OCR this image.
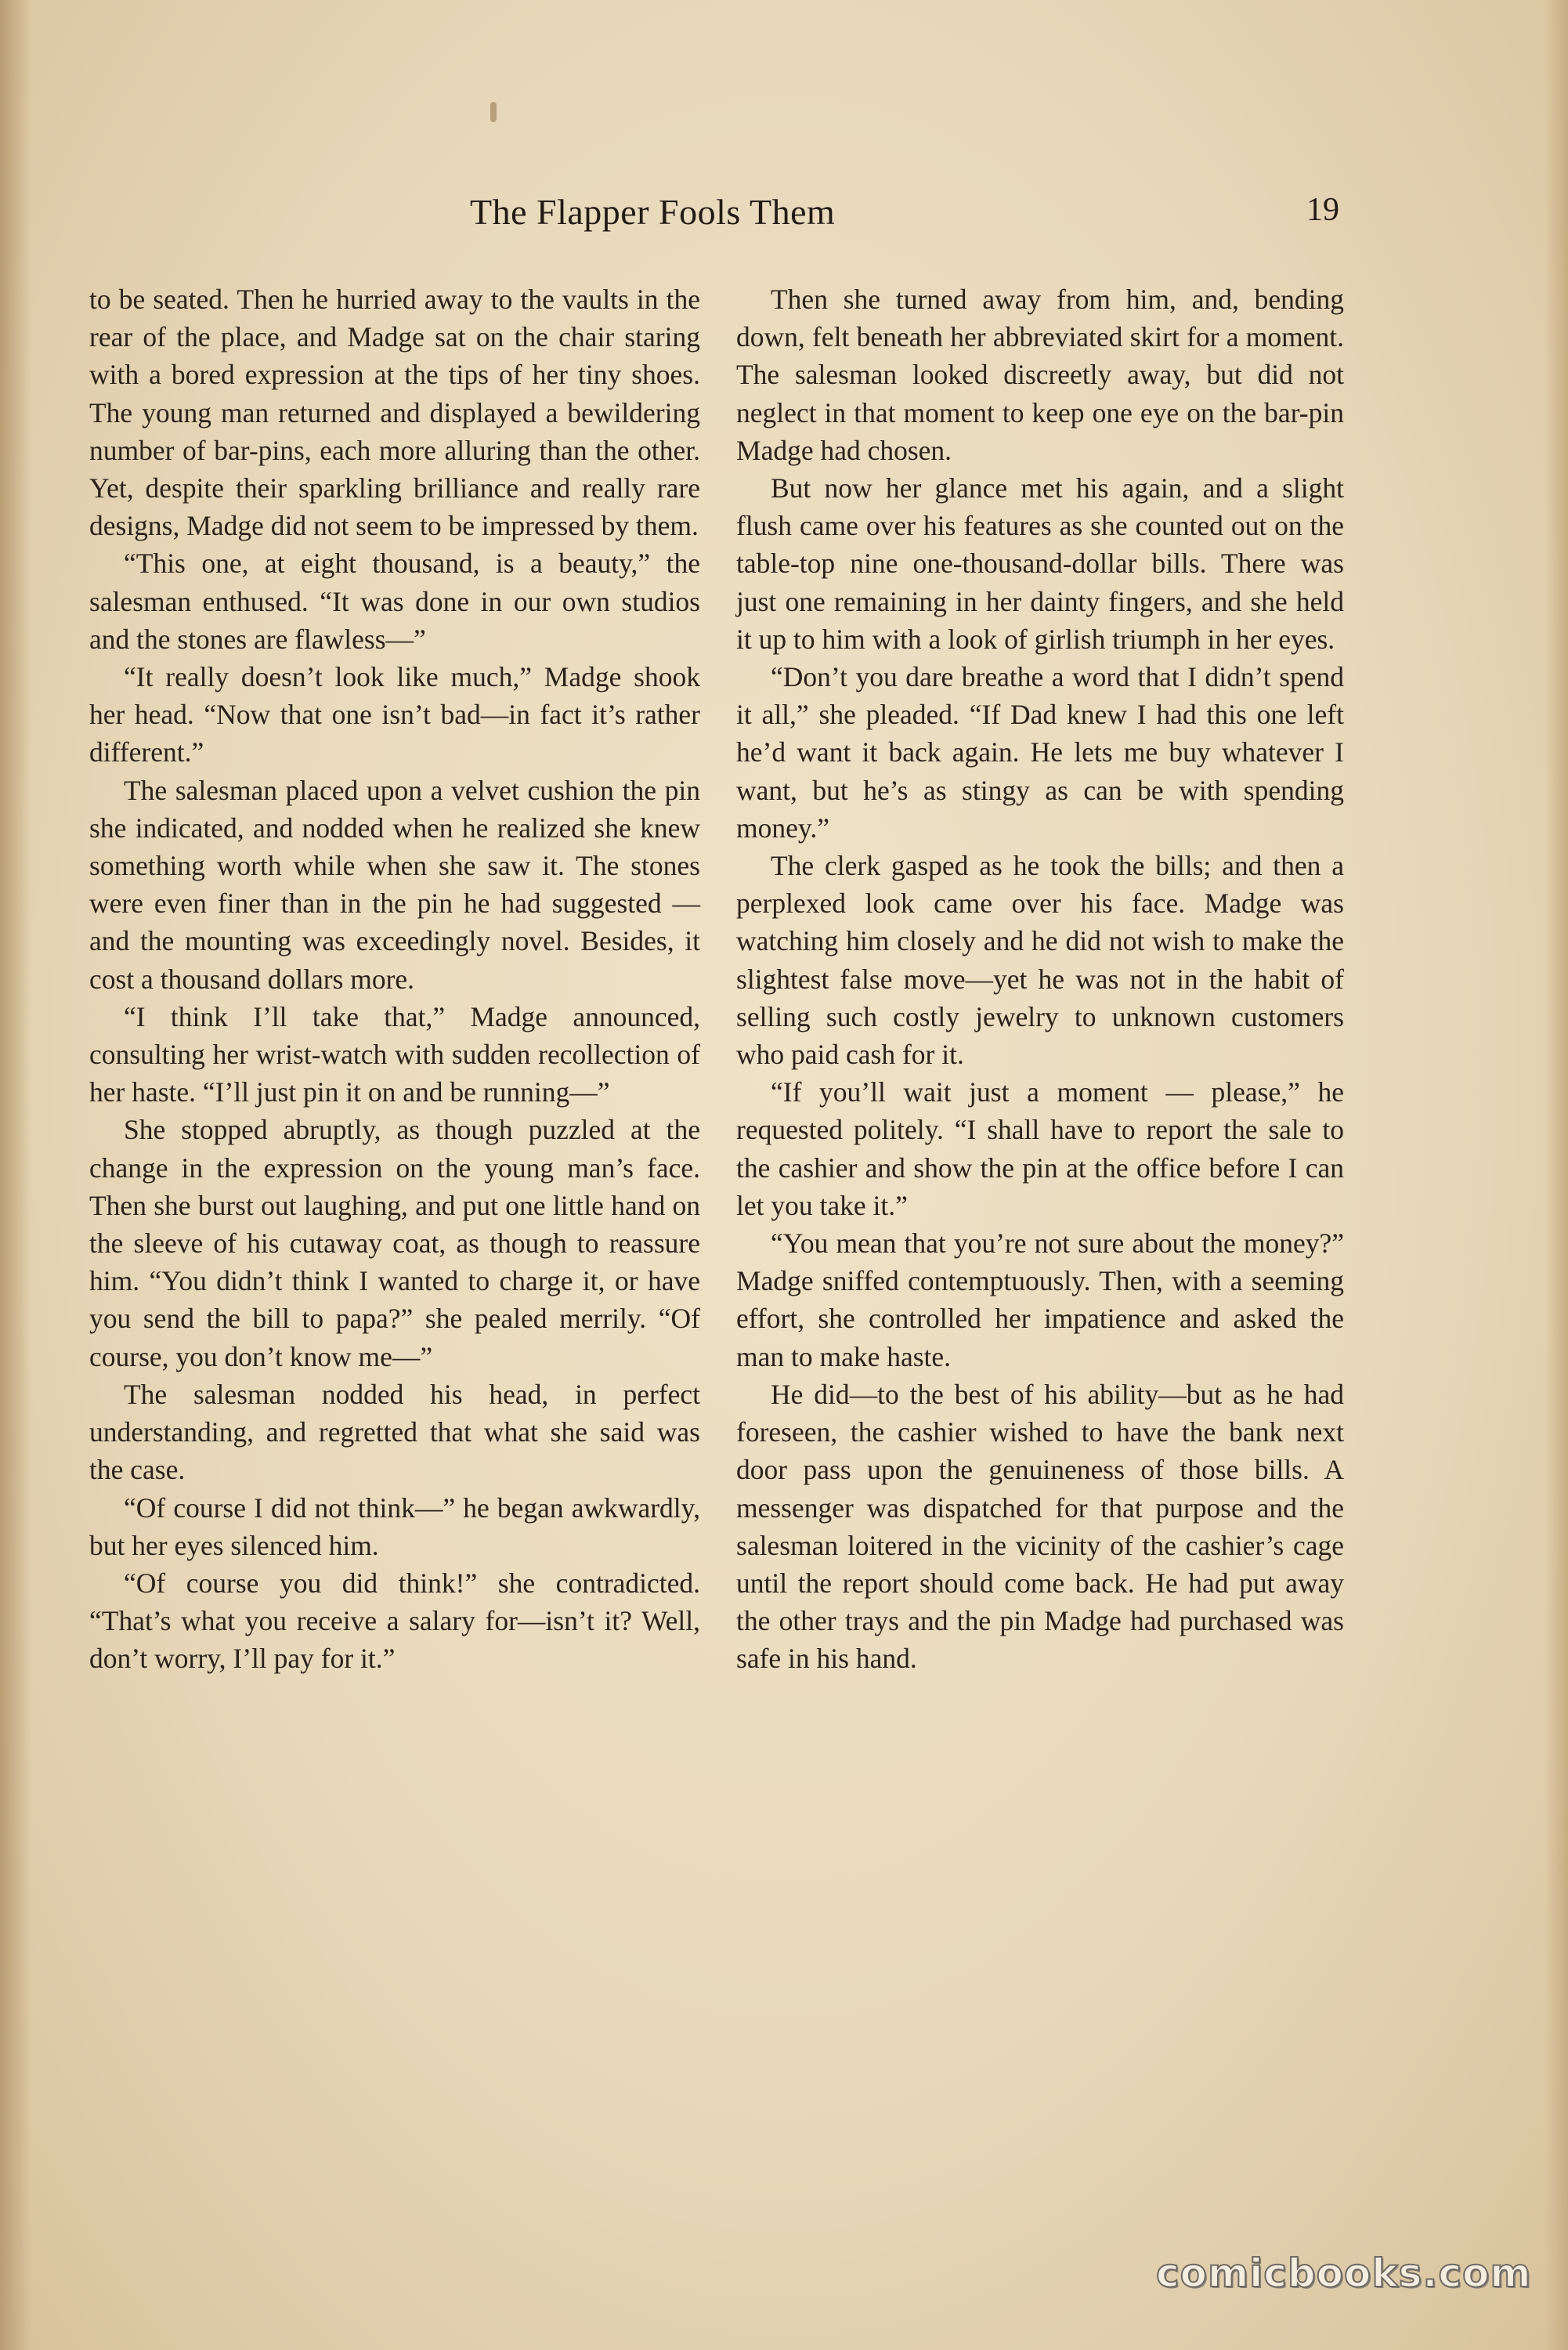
The Flapper Fools Them	19

to be seated. Then he hurried away to the vaults in the rear of the place, and Madge sat on the chair staring with a bored expression at the tips of her tiny shoes. The young man returned and displayed a bewildering number of bar-pins, each more alluring than the other. Yet, despite their sparkling brilliance and really rare designs, Madge did not seem to be impressed by them.

“This one, at eight thousand, is a beauty,” the salesman enthused. “It was done in our own studios and the stones are flawless—”

“It really doesn’t look like much,” Madge shook her head. “Now that one isn’t bad—in fact it’s rather different.”

The salesman placed upon a velvet cushion the pin she indicated, and nodded when he realized she knew something worth while when she saw it. The stones were even finer than in the pin he had suggested — and the mounting was exceedingly novel. Besides, it cost a thousand dollars more.

“I think I’ll take that,” Madge announced, consulting her wrist-watch with sudden recollection of her haste. “I’ll just pin it on and be running—”

She stopped abruptly, as though puzzled at the change in the expression on the young man’s face. Then she burst out laughing, and put one little hand on the sleeve of his cutaway coat, as though to reassure him. “You didn’t think I wanted to charge it, or have you send the bill to papa?” she pealed merrily. “Of course, you don’t know me—”

The salesman nodded his head, in perfect understanding, and regretted that what she said was the case.

“Of course I did not think—” he began awkwardly, but her eyes silenced him.

“Of course you did think!” she contradicted. “That’s what you receive a salary for—isn’t it? Well, don’t worry, I’ll pay for it.”

Then she turned away from him, and, bending down, felt beneath her abbreviated skirt for a moment. The salesman looked discreetly away, but did not neglect in that moment to keep one eye on the bar-pin Madge had chosen.

But now her glance met his again, and a slight flush came over his features as she counted out on the table-top nine one-thousand-dollar bills. There was just one remaining in her dainty fingers, and she held it up to him with a look of girlish triumph in her eyes.

“Don’t you dare breathe a word that I didn’t spend it all,” she pleaded. “If Dad knew I had this one left he’d want it back again. He lets me buy whatever I want, but he’s as stingy as can be with spending money.”

The clerk gasped as he took the bills; and then a perplexed look came over his face. Madge was watching him closely and he did not wish to make the slightest false move—yet he was not in the habit of selling such costly jewelry to unknown customers who paid cash for it.

“If you’ll wait just a moment — please,” he requested politely. “I shall have to report the sale to the cashier and show the pin at the office before I can let you take it.”

“You mean that you’re not sure about the money?” Madge sniffed contemptuously. Then, with a seeming effort, she controlled her impatience and asked the man to make haste.

He did—to the best of his ability—but as he had foreseen, the cashier wished to have the bank next door pass upon the genuineness of those bills. A messenger was dispatched for that purpose and the salesman loitered in the vicinity of the cashier’s cage until the report should come back. He had put away the other trays and the pin Madge had purchased was safe in his hand.

comicbooks.com
